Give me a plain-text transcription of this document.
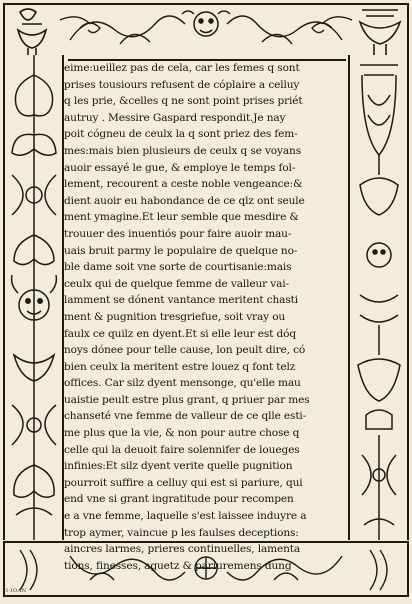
eime:ueillez pas de cela, car les femes q sont
prises tousiours refusent de cóplaire a celluy
q les prie, &celles q ne sont point prises priét
autruy . Messire Gaspard respondit.Je nay
poit cógneu de ceulx la q sont priez des fem-
mes:mais bien plusieurs de ceulx q se voyans
auoir essayé le gue, & employe le temps fol-
lement, recourent a ceste noble vengeance:&
dient auoir eu habondance de ce qlz ont seule
ment ymagine.Et leur semble que mesdire &
trouuer des inuentiós pour faire auoir mau-
uais bruit parmy le populaire de quelque no-
ble dame soit vne sorte de courtisanie:mais
ceulx qui de quelque femme de valleur vai-
lamment se dónent vantance meritent chasti
ment & pugnition tresgriefue, soit vray ou
faulx ce quilz en dyent.Et si elle leur est dóq
noys dónee pour telle cause, lon peult dire, có
bien ceulx la meritent estre louez q font telz
offices. Car silz dyent mensonge, qu'elle mau
uaistie peult estre plus grant, q priuer par mes
chanseté vne femme de valleur de ce qlle esti-
me plus que la vie, & non pour autre chose q
celle qui la deuoit faire solennifer de loueges
infinies:Et silz dyent verite quelle pugnition
pourroit suffire a celluy qui est si pariure, qui
end vne si grant ingratitude pour recompen
e a vne femme, laquelle s'est laissee induyre a
trop aymer, vaincue p les faulses deceptions:
aincres larmes, prieres continuelles, lamenta
tions, finesses, aguetz & pariuremens dung
I·IOAN
